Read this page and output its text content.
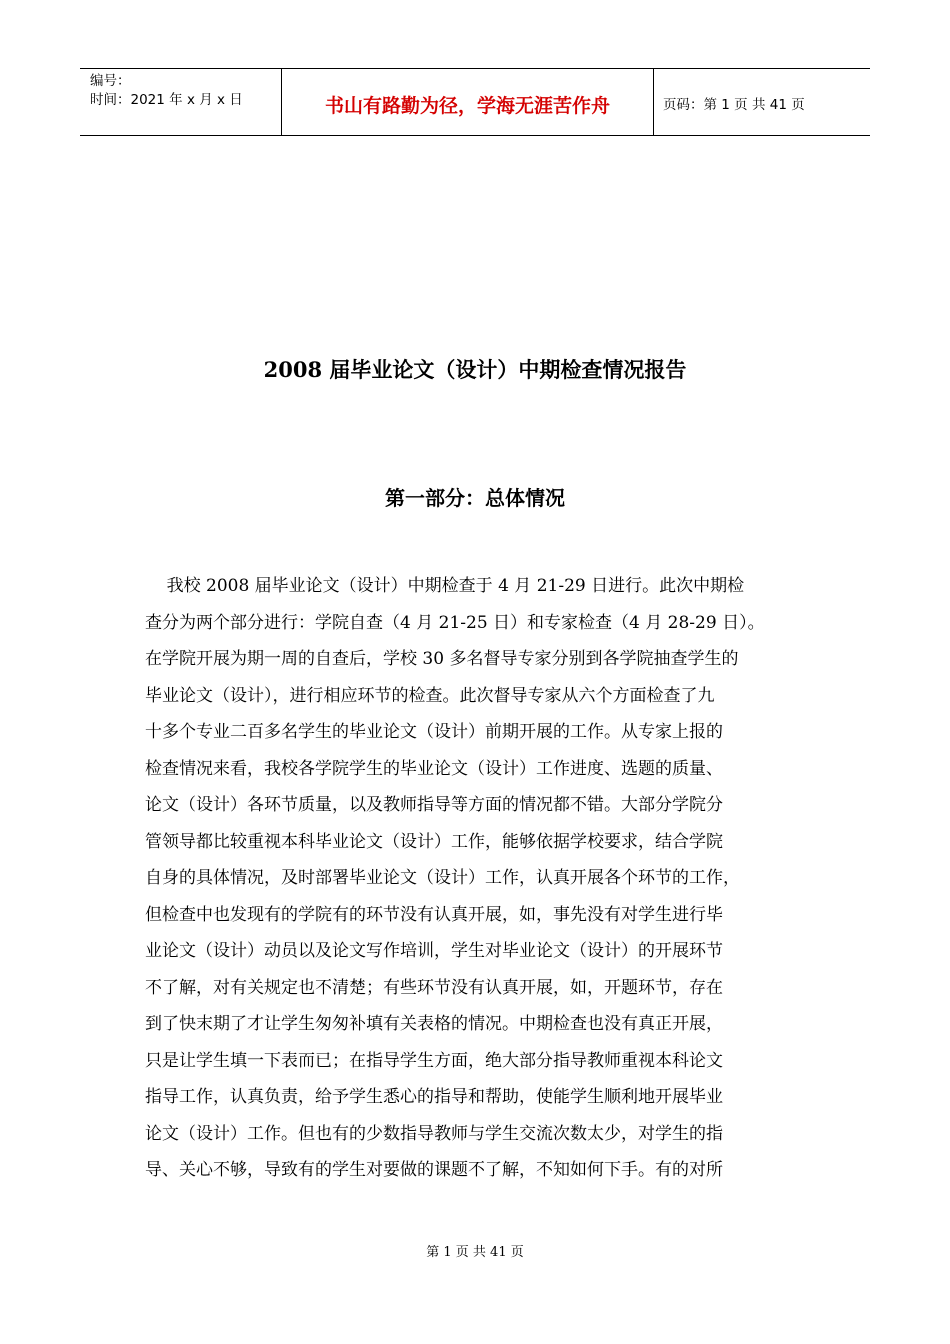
编号：
时间：2021 年 x 月 x 日	书山有路勤为径，学海无涯苦作舟	页码：第 1 页 共 41 页
2008 届毕业论文（设计）中期检查情况报告
第一部分：总体情况
我校 2008 届毕业论文（设计）中期检查于 4 月 21-29 日进行。此次中期检
查分为两个部分进行：学院自查（4 月 21-25 日）和专家检查（4 月 28-29 日）。
在学院开展为期一周的自查后，学校 30 多名督导专家分别到各学院抽查学生的
毕业论文（设计），进行相应环节的检查。此次督导专家从六个方面检查了九
十多个专业二百多名学生的毕业论文（设计）前期开展的工作。从专家上报的
检查情况来看，我校各学院学生的毕业论文（设计）工作进度、选题的质量、
论文（设计）各环节质量，以及教师指导等方面的情况都不错。大部分学院分
管领导都比较重视本科毕业论文（设计）工作，能够依据学校要求，结合学院
自身的具体情况，及时部署毕业论文（设计）工作，认真开展各个环节的工作，
但检查中也发现有的学院有的环节没有认真开展，如，事先没有对学生进行毕
业论文（设计）动员以及论文写作培训，学生对毕业论文（设计）的开展环节
不了解，对有关规定也不清楚；有些环节没有认真开展，如，开题环节，存在
到了快末期了才让学生匆匆补填有关表格的情况。中期检查也没有真正开展，
只是让学生填一下表而已；在指导学生方面，绝大部分指导教师重视本科论文
指导工作，认真负责，给予学生悉心的指导和帮助，使能学生顺利地开展毕业
论文（设计）工作。但也有的少数指导教师与学生交流次数太少，对学生的指
导、关心不够，导致有的学生对要做的课题不了解，不知如何下手。有的对所
第 1 页 共 41 页
